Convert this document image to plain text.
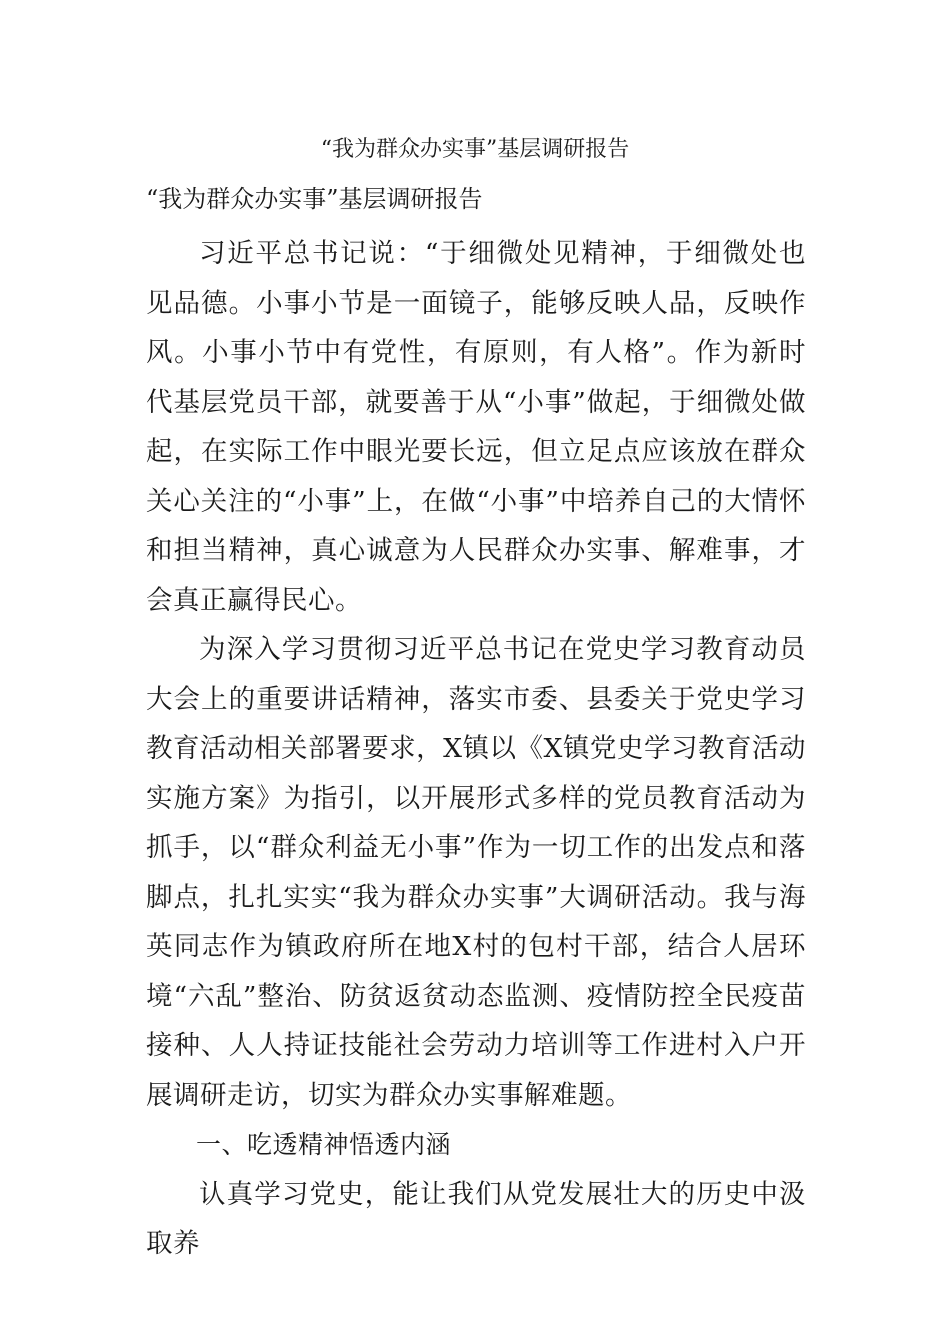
“我为群众办实事”基层调研报告
“我为群众办实事”基层调研报告

习近平总书记说：“于细微处见精神，于细微处也见品德。小事小节是一面镜子，能够反映人品，反映作风。小事小节中有党性，有原则，有人格”。作为新时代基层党员干部，就要善于从“小事”做起，于细微处做起，在实际工作中眼光要长远，但立足点应该放在群众关心关注的“小事”上，在做“小事”中培养自己的大情怀和担当精神，真心诚意为人民群众办实事、解难事，才会真正赢得民心。

为深入学习贯彻习近平总书记在党史学习教育动员大会上的重要讲话精神，落实市委、县委关于党史学习教育活动相关部署要求，X镇以《X镇党史学习教育活动实施方案》为指引，以开展形式多样的党员教育活动为抓手，以“群众利益无小事”作为一切工作的出发点和落脚点，扎扎实实“我为群众办实事”大调研活动。我与海英同志作为镇政府所在地X村的包村干部，结合人居环境“六乱”整治、防贫返贫动态监测、疫情防控全民疫苗接种、人人持证技能社会劳动力培训等工作进村入户开展调研走访，切实为群众办实事解难题。

一、吃透精神悟透内涵

认真学习党史，能让我们从党发展壮大的历史中汲取养
